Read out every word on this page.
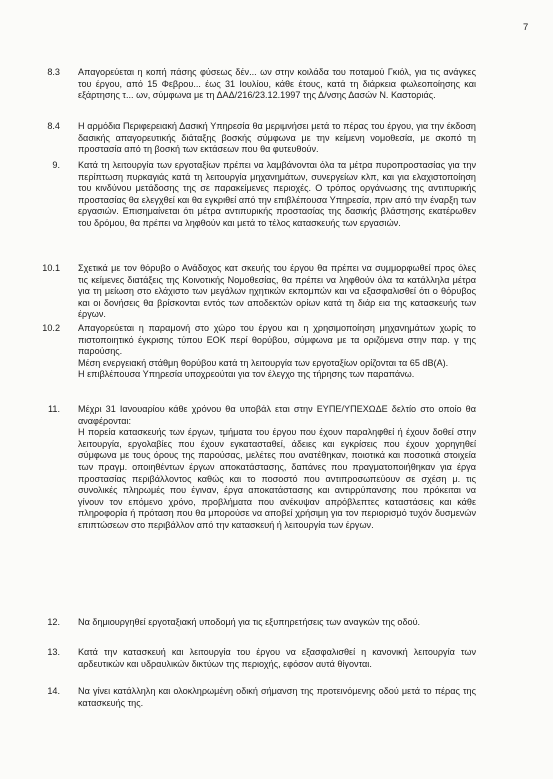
7
8.3 Απαγορεύεται η κοπή πάσης φύσεως δέν... ων στην κοιλάδα του ποταμού Γκιόλ, για τις ανάγκες του έργου, από 15 Φεβρου... έως 31 Ιουλίου, κάθε έτους, κατά τη διάρκεια φωλεοποίησης και εξάρτησης τ... ων, σύμφωνα με τη ΔΑΔ/216/23.12.1997 της Δ/νσης Δασών Ν. Καστοριάς.

8.4 Η αρμόδια Περιφερειακή Δασική Υπηρεσία θα μεριμνήσει μετά το πέρας του έργου, για την έκδοση δασικής απαγορευτικής διάταξης βοσκής σύμφωνα με την κείμενη νομοθεσία, με σκοπό τη προστασία από τη βοσκή των εκτάσεων που θα φυτευθούν.

9. Κατά τη λειτουργία των εργοταξίων πρέπει να λαμβάνονται όλα τα μέτρα πυροπροστασίας για την περίπτωση πυρκαγιάς κατά τη λειτουργία μηχανημάτων, συνεργείων κλπ, και για ελαχιστοποίηση του κινδύνου μετάδοσης της σε παρακείμενες περιοχές. Ο τρόπος οργάνωσης της αντιπυρικής προστασίας θα ελεγχθεί και θα εγκριθεί από την επιβλέπουσα Υπηρεσία, πριν από την έναρξη των εργασιών. Επισημαίνεται ότι μέτρα αντιπυρικής προστασίας της δασικής βλάστησης εκατέρωθεν του δρόμου, θα πρέπει να ληφθούν και μετά το τέλος κατασκευής των εργασιών.

10.1 Σχετικά με τον θόρυβο ο Ανάδοχος κατ σκευής του έργου θα πρέπει να συμμορφωθεί προς όλες τις κείμενες διατάξεις της Κοινοτικής Νομοθεσίας, θα πρέπει να ληφθούν όλα τα κατάλληλα μέτρα για τη μείωση στο ελάχιστο των μεγάλων ηχητικών εκπομπών και να εξασφαλισθεί ότι ο θόρυβος και οι δονήσεις θα βρίσκονται εντός των αποδεκτών ορίων κατά τη διάρ εια της κατασκευής των έργων.

10.2 Απαγορεύεται η παραμονή στο χώρο του έργου και η χρησιμοποίηση μηχανημάτων χωρίς το πιστοποιητικό έγκρισης τύπου ΕΟΚ περί θορύβου, σύμφωνα με τα οριζόμενα στην παρ. γ της παρούσης.

Μέση ενεργειακή στάθμη θορύβου κατά τη λειτουργία των εργοταξίων ορίζονται τα 65 dB(A).

Η επιβλέπουσα Υπηρεσία υποχρεούται για τον έλεγχο της τήρησης των παραπάνω.

11. Μέχρι 31 Ιανουαρίου κάθε χρόνου θα υποβάλ εται στην ΕΥΠΕ/ΥΠΕΧΩΔΕ δελτίο στο οποίο θα αναφέρονται:

Η πορεία κατασκευής των έργων, τμήματα του έργου που έχουν παραληφθεί ή έχουν δοθεί στην λειτουργία, εργολαβίες που έχουν εγκατασταθεί, άδειες και εγκρίσεις που έχουν χορηγηθεί σύμφωνα με τους όρους της παρούσας, μελέτες που ανατέθηκαν, ποιοτικά και ποσοτικά στοιχεία των πραγμ. οποιηθέντων έργων αποκατάστασης, δαπάνες που πραγματοποιήθηκαν για έργα προστασίας περιβάλλοντος καθώς και το ποσοστό που αντιπροσωπεύουν σε σχέση μ. τις συνολικές πληρωμές που έγιναν, έργα αποκατάστασης και αντιρρύπανσης που πρόκειται να γίνουν τον επόμενο χρόνο, προβλήματα που ανέκυψαν απρόβλεπτες καταστάσεις και κάθε πληροφορία ή πρόταση που θα μπορούσε να αποβεί χρήσιμη για τον περιορισμό τυχόν δυσμενών επιπτώσεων στο περιβάλλον από την κατασκευή ή λειτουργία των έργων.

12. Να δημιουργηθεί εργοταξιακή υποδομή για τις εξυπηρετήσεις των αναγκών της οδού.

13. Κατά την κατασκευή και λειτουργία του έργου να εξασφαλισθεί η κανονική λειτουργία των αρδευτικών και υδραυλικών δικτύων της περιοχής, εφόσον αυτά θίγονται.

14. Να γίνει κατάλληλη και ολοκληρωμένη οδική σήμανση της προτεινόμενης οδού μετά το πέρας της κατασκευής της.
